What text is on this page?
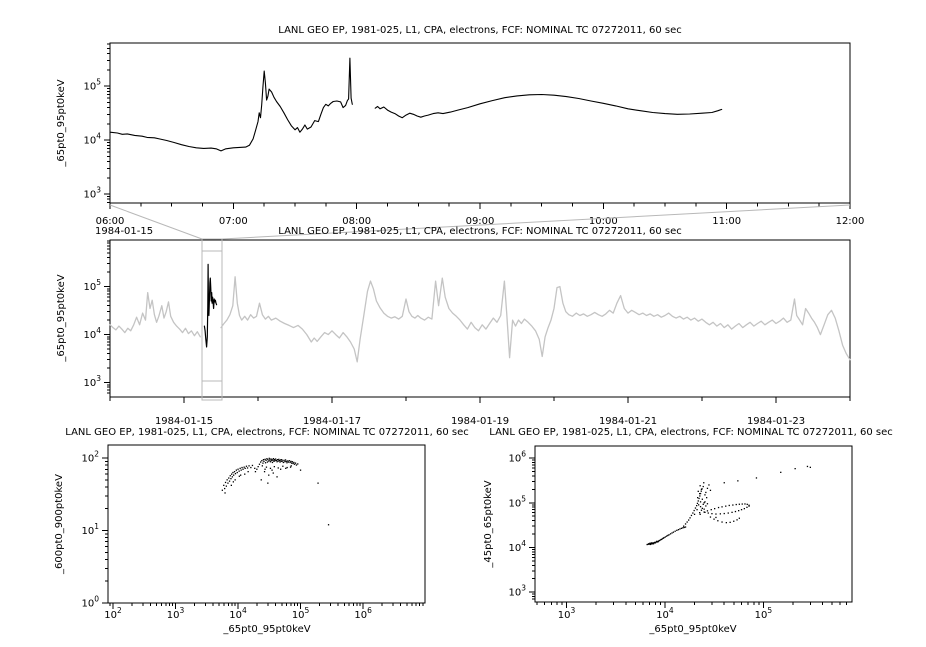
$10^3$
$10^4$
$10^5$
06:00	07:00	08:00	09:00	10:00	11:00	12:00
$10^3$
$10^4$
$10^5$
1984-01-15	1984-01-17	1984-01-19	1984-01-21	1984-01-23
$10^0$
$10^1$
$10^2$
$10^2$	$10^3$	$10^4$	$10^5$	$10^6$
$10^3$
$10^4$
$10^5$
$10^6$
$10^3$	$10^4$	$10^5$
LANL GEO EP, 1981-025, L1, CPA, electrons, FCF: NOMINAL TC 07272011, 60 sec
1984-01-15	LANL GEO EP, 1981-025, L1, CPA, electrons, FCF: NOMINAL TC 07272011, 60 sec
LANL GEO EP, 1981-025, L1, CPA, electrons, FCF: NOMINAL TC 07272011, 60 sec LANL GEO EP, 1981-025, L1, CPA, electrons, FCF: NOMINAL TC 07272011, 60 sec
_65pt0_95pt0keV
_65pt0_95pt0keV
_600pt0_900pt0keV	_45pt0_65pt0keV
_65pt0_95pt0keV	_65pt0_95pt0keV
